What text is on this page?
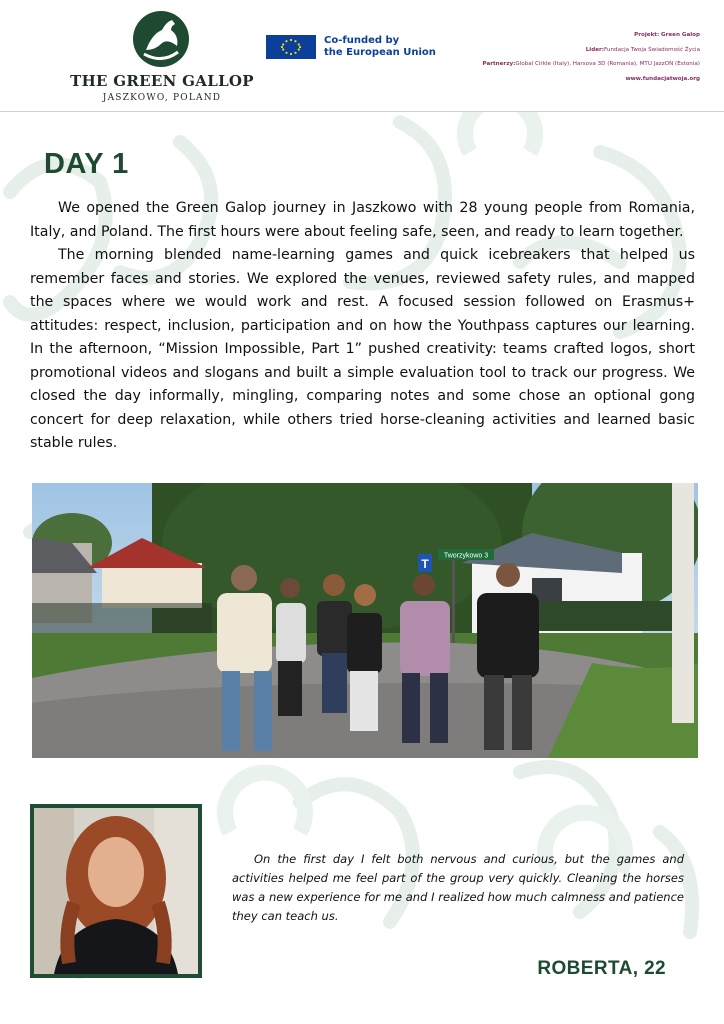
THE GREEN GALLOP
JASZKOWO, POLAND
Co-funded by
the European Union
Projekt: Green Galop
Lider:Fundacja Twoja Świadomość Życia
Partnerzy:Global Cirkle (Italy), Harsova 3D (Romania), MTU JazzON (Estonia)
www.fundacjatwoja.org
DAY 1

We opened the Green Galop journey in Jaszkowo with 28 young people from Romania, Italy, and Poland. The first hours were about feeling safe, seen, and ready to learn together.

The morning blended name-learning games and quick icebreakers that helped us remember faces and stories. We explored the venues, reviewed safety rules, and mapped the spaces where we would work and rest. A focused session followed on Erasmus+ attitudes: respect, inclusion, participation and on how the Youthpass captures our learning. In the afternoon, “Mission Impossible, Part 1” pushed creativity: teams crafted logos, short promotional videos and slogans and built a simple evaluation tool to track our progress. We closed the day informally, mingling, comparing notes and some chose an optional gong concert for deep relaxation, while others tried horse-cleaning activities and learned basic stable rules.

T
Tworzykowo 3

On the first day I felt both nervous and curious, but the games and activities helped me feel part of the group very quickly. Cleaning the horses was a new experience for me and I realized how much calmness and patience they can teach us.

ROBERTA, 22
